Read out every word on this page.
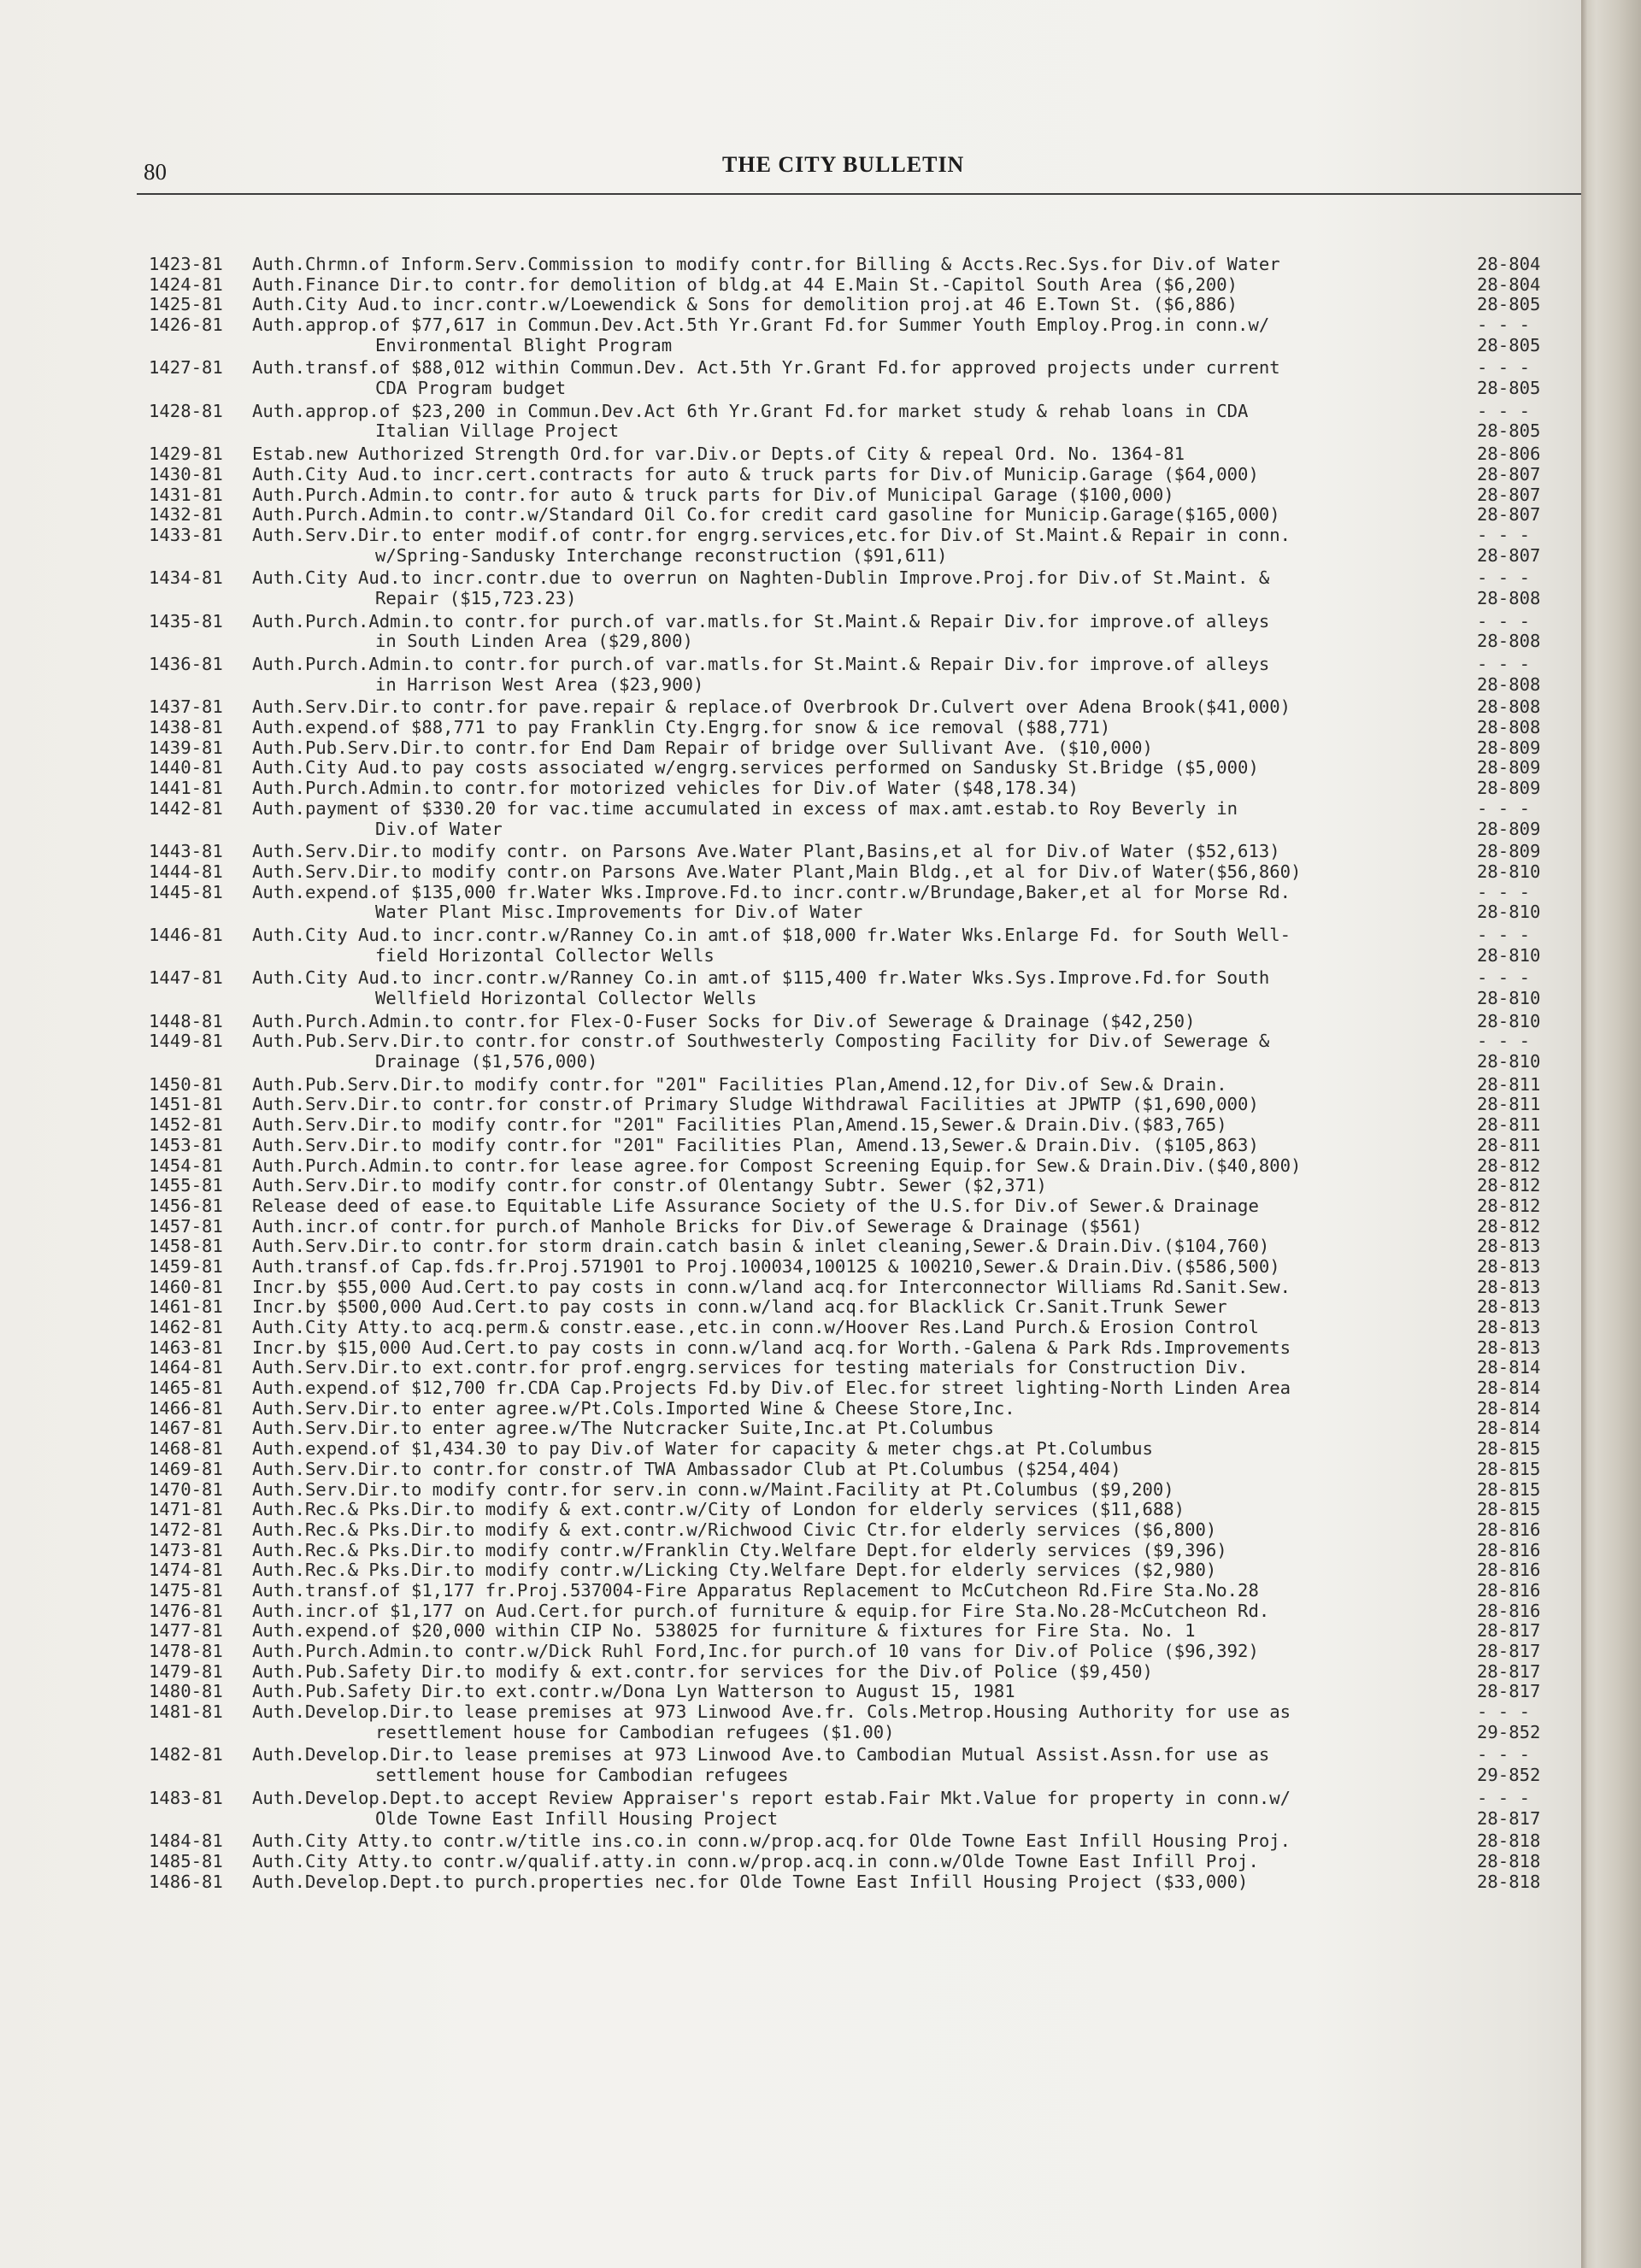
80	THE CITY BULLETIN
1423-81	Auth.Chrmn.of Inform.Serv.Commission to modify contr.for Billing & Accts.Rec.Sys.for Div.of Water	28-804
1424-81	Auth.Finance Dir.to contr.for demolition of bldg.at 44 E.Main St.-Capitol South Area ($6,200)	28-804
1425-81	Auth.City Aud.to incr.contr.w/Loewendick & Sons for demolition proj.at 46 E.Town St. ($6,886)	28-805
1426-81	Auth.approp.of $77,617 in Commun.Dev.Act.5th Yr.Grant Fd.for Summer Youth Employ.Prog.in conn.w/	- - -
Environmental Blight Program	28-805
1427-81	Auth.transf.of $88,012 within Commun.Dev. Act.5th Yr.Grant Fd.for approved projects under current	- - -
CDA Program budget	28-805
1428-81	Auth.approp.of $23,200 in Commun.Dev.Act 6th Yr.Grant Fd.for market study & rehab loans in CDA	- - -
Italian Village Project	28-805
1429-81	Estab.new Authorized Strength Ord.for var.Div.or Depts.of City & repeal Ord. No. 1364-81	28-806
1430-81	Auth.City Aud.to incr.cert.contracts for auto & truck parts for Div.of Municip.Garage ($64,000)	28-807
1431-81	Auth.Purch.Admin.to contr.for auto & truck parts for Div.of Municipal Garage ($100,000)	28-807
1432-81	Auth.Purch.Admin.to contr.w/Standard Oil Co.for credit card gasoline for Municip.Garage($165,000)	28-807
1433-81	Auth.Serv.Dir.to enter modif.of contr.for engrg.services,etc.for Div.of St.Maint.& Repair in conn.	- - -
w/Spring-Sandusky Interchange reconstruction ($91,611)	28-807
1434-81	Auth.City Aud.to incr.contr.due to overrun on Naghten-Dublin Improve.Proj.for Div.of St.Maint. &	- - -
Repair ($15,723.23)	28-808
1435-81	Auth.Purch.Admin.to contr.for purch.of var.matls.for St.Maint.& Repair Div.for improve.of alleys	- - -
in South Linden Area ($29,800)	28-808
1436-81	Auth.Purch.Admin.to contr.for purch.of var.matls.for St.Maint.& Repair Div.for improve.of alleys	- - -
in Harrison West Area ($23,900)	28-808
1437-81	Auth.Serv.Dir.to contr.for pave.repair & replace.of Overbrook Dr.Culvert over Adena Brook($41,000)	28-808
1438-81	Auth.expend.of $88,771 to pay Franklin Cty.Engrg.for snow & ice removal ($88,771)	28-808
1439-81	Auth.Pub.Serv.Dir.to contr.for End Dam Repair of bridge over Sullivant Ave. ($10,000)	28-809
1440-81	Auth.City Aud.to pay costs associated w/engrg.services performed on Sandusky St.Bridge ($5,000)	28-809
1441-81	Auth.Purch.Admin.to contr.for motorized vehicles for Div.of Water ($48,178.34)	28-809
1442-81	Auth.payment of $330.20 for vac.time accumulated in excess of max.amt.estab.to Roy Beverly in	- - -
Div.of Water	28-809
1443-81	Auth.Serv.Dir.to modify contr. on Parsons Ave.Water Plant,Basins,et al for Div.of Water ($52,613)	28-809
1444-81	Auth.Serv.Dir.to modify contr.on Parsons Ave.Water Plant,Main Bldg.,et al for Div.of Water($56,860)	28-810
1445-81	Auth.expend.of $135,000 fr.Water Wks.Improve.Fd.to incr.contr.w/Brundage,Baker,et al for Morse Rd.	- - -
Water Plant Misc.Improvements for Div.of Water	28-810
1446-81	Auth.City Aud.to incr.contr.w/Ranney Co.in amt.of $18,000 fr.Water Wks.Enlarge Fd. for South Well-	- - -
field Horizontal Collector Wells	28-810
1447-81	Auth.City Aud.to incr.contr.w/Ranney Co.in amt.of $115,400 fr.Water Wks.Sys.Improve.Fd.for South	- - -
Wellfield Horizontal Collector Wells	28-810
1448-81	Auth.Purch.Admin.to contr.for Flex-O-Fuser Socks for Div.of Sewerage & Drainage ($42,250)	28-810
1449-81	Auth.Pub.Serv.Dir.to contr.for constr.of Southwesterly Composting Facility for Div.of Sewerage &	- - -
Drainage ($1,576,000)	28-810
1450-81	Auth.Pub.Serv.Dir.to modify contr.for "201" Facilities Plan,Amend.12,for Div.of Sew.& Drain.	28-811
1451-81	Auth.Serv.Dir.to contr.for constr.of Primary Sludge Withdrawal Facilities at JPWTP ($1,690,000)	28-811
1452-81	Auth.Serv.Dir.to modify contr.for "201" Facilities Plan,Amend.15,Sewer.& Drain.Div.($83,765)	28-811
1453-81	Auth.Serv.Dir.to modify contr.for "201" Facilities Plan, Amend.13,Sewer.& Drain.Div. ($105,863)	28-811
1454-81	Auth.Purch.Admin.to contr.for lease agree.for Compost Screening Equip.for Sew.& Drain.Div.($40,800)	28-812
1455-81	Auth.Serv.Dir.to modify contr.for constr.of Olentangy Subtr. Sewer ($2,371)	28-812
1456-81	Release deed of ease.to Equitable Life Assurance Society of the U.S.for Div.of Sewer.& Drainage	28-812
1457-81	Auth.incr.of contr.for purch.of Manhole Bricks for Div.of Sewerage & Drainage ($561)	28-812
1458-81	Auth.Serv.Dir.to contr.for storm drain.catch basin & inlet cleaning,Sewer.& Drain.Div.($104,760)	28-813
1459-81	Auth.transf.of Cap.fds.fr.Proj.571901 to Proj.100034,100125 & 100210,Sewer.& Drain.Div.($586,500)	28-813
1460-81	Incr.by $55,000 Aud.Cert.to pay costs in conn.w/land acq.for Interconnector Williams Rd.Sanit.Sew.	28-813
1461-81	Incr.by $500,000 Aud.Cert.to pay costs in conn.w/land acq.for Blacklick Cr.Sanit.Trunk Sewer	28-813
1462-81	Auth.City Atty.to acq.perm.& constr.ease.,etc.in conn.w/Hoover Res.Land Purch.& Erosion Control	28-813
1463-81	Incr.by $15,000 Aud.Cert.to pay costs in conn.w/land acq.for Worth.-Galena & Park Rds.Improvements	28-813
1464-81	Auth.Serv.Dir.to ext.contr.for prof.engrg.services for testing materials for Construction Div.	28-814
1465-81	Auth.expend.of $12,700 fr.CDA Cap.Projects Fd.by Div.of Elec.for street lighting-North Linden Area	28-814
1466-81	Auth.Serv.Dir.to enter agree.w/Pt.Cols.Imported Wine & Cheese Store,Inc.	28-814
1467-81	Auth.Serv.Dir.to enter agree.w/The Nutcracker Suite,Inc.at Pt.Columbus	28-814
1468-81	Auth.expend.of $1,434.30 to pay Div.of Water for capacity & meter chgs.at Pt.Columbus	28-815
1469-81	Auth.Serv.Dir.to contr.for constr.of TWA Ambassador Club at Pt.Columbus ($254,404)	28-815
1470-81	Auth.Serv.Dir.to modify contr.for serv.in conn.w/Maint.Facility at Pt.Columbus ($9,200)	28-815
1471-81	Auth.Rec.& Pks.Dir.to modify & ext.contr.w/City of London for elderly services ($11,688)	28-815
1472-81	Auth.Rec.& Pks.Dir.to modify & ext.contr.w/Richwood Civic Ctr.for elderly services ($6,800)	28-816
1473-81	Auth.Rec.& Pks.Dir.to modify contr.w/Franklin Cty.Welfare Dept.for elderly services ($9,396)	28-816
1474-81	Auth.Rec.& Pks.Dir.to modify contr.w/Licking Cty.Welfare Dept.for elderly services ($2,980)	28-816
1475-81	Auth.transf.of $1,177 fr.Proj.537004-Fire Apparatus Replacement to McCutcheon Rd.Fire Sta.No.28	28-816
1476-81	Auth.incr.of $1,177 on Aud.Cert.for purch.of furniture & equip.for Fire Sta.No.28-McCutcheon Rd.	28-816
1477-81	Auth.expend.of $20,000 within CIP No. 538025 for furniture & fixtures for Fire Sta. No. 1	28-817
1478-81	Auth.Purch.Admin.to contr.w/Dick Ruhl Ford,Inc.for purch.of 10 vans for Div.of Police ($96,392)	28-817
1479-81	Auth.Pub.Safety Dir.to modify & ext.contr.for services for the Div.of Police ($9,450)	28-817
1480-81	Auth.Pub.Safety Dir.to ext.contr.w/Dona Lyn Watterson to August 15, 1981	28-817
1481-81	Auth.Develop.Dir.to lease premises at 973 Linwood Ave.fr. Cols.Metrop.Housing Authority for use as	- - -
resettlement house for Cambodian refugees ($1.00)	29-852
1482-81	Auth.Develop.Dir.to lease premises at 973 Linwood Ave.to Cambodian Mutual Assist.Assn.for use as	- - -
settlement house for Cambodian refugees	29-852
1483-81	Auth.Develop.Dept.to accept Review Appraiser's report estab.Fair Mkt.Value for property in conn.w/	- - -
Olde Towne East Infill Housing Project	28-817
1484-81	Auth.City Atty.to contr.w/title ins.co.in conn.w/prop.acq.for Olde Towne East Infill Housing Proj.	28-818
1485-81	Auth.City Atty.to contr.w/qualif.atty.in conn.w/prop.acq.in conn.w/Olde Towne East Infill Proj.	28-818
1486-81	Auth.Develop.Dept.to purch.properties nec.for Olde Towne East Infill Housing Project ($33,000)	28-818
